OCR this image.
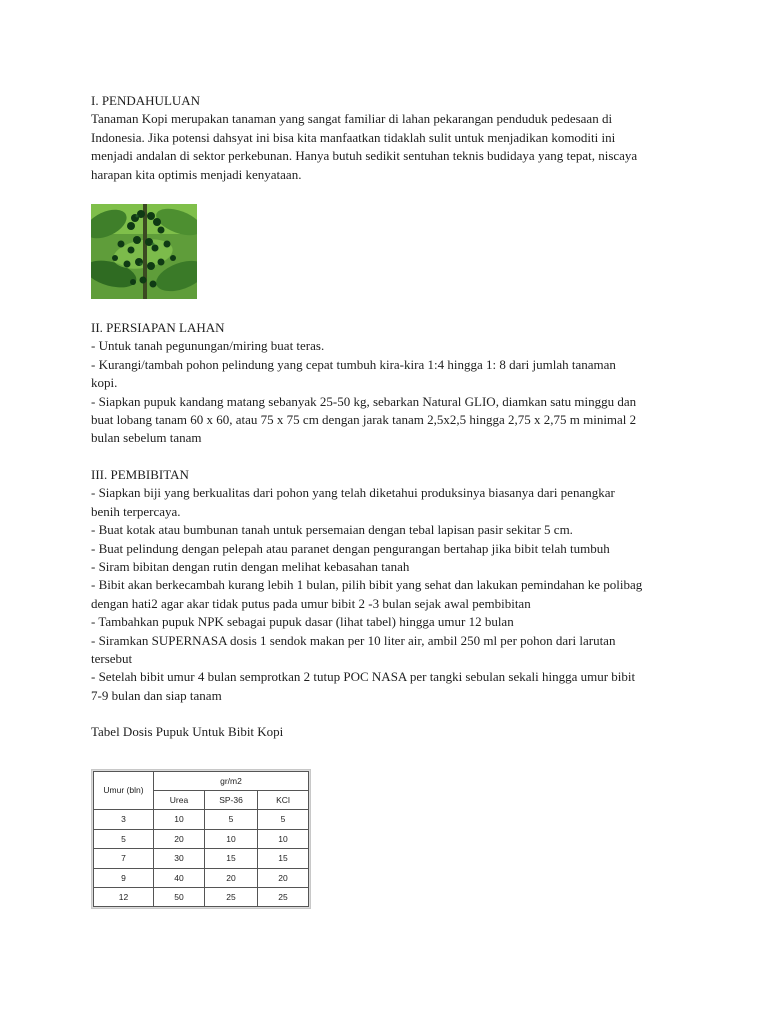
I. PENDAHULUAN

Tanaman Kopi merupakan tanaman yang sangat familiar di lahan pekarangan penduduk pedesaan di

Indonesia. Jika potensi dahsyat ini bisa kita manfaatkan tidaklah sulit untuk menjadikan komoditi ini

menjadi andalan di sektor perkebunan. Hanya butuh sedikit sentuhan teknis budidaya yang tepat, niscaya

harapan kita optimis menjadi kenyataan.

II. PERSIAPAN LAHAN

- Untuk tanah pegunungan/miring buat teras.

- Kurangi/tambah pohon pelindung yang cepat tumbuh kira-kira 1:4 hingga 1: 8 dari jumlah tanaman

kopi.

- Siapkan pupuk kandang matang sebanyak 25-50 kg, sebarkan Natural GLIO, diamkan satu minggu dan

buat lobang tanam 60 x 60, atau 75 x 75 cm dengan jarak tanam 2,5x2,5 hingga 2,75 x 2,75 m minimal 2

bulan sebelum tanam

III. PEMBIBITAN

- Siapkan biji yang berkualitas dari pohon yang telah diketahui produksinya biasanya dari penangkar

benih terpercaya.

- Buat kotak atau bumbunan tanah untuk persemaian dengan tebal lapisan pasir sekitar 5 cm.

- Buat pelindung dengan pelepah atau paranet dengan pengurangan bertahap jika bibit telah tumbuh

- Siram bibitan dengan rutin dengan melihat kebasahan tanah

- Bibit akan berkecambah kurang lebih 1 bulan, pilih bibit yang sehat dan lakukan pemindahan ke polibag

dengan hati2 agar akar tidak putus pada umur bibit 2 -3 bulan sejak awal pembibitan

- Tambahkan pupuk NPK sebagai pupuk dasar (lihat tabel) hingga umur 12 bulan

- Siramkan SUPERNASA dosis 1 sendok makan per 10 liter air, ambil 250 ml per pohon dari larutan

tersebut

- Setelah bibit umur 4 bulan semprotkan 2 tutup POC NASA per tangki sebulan sekali hingga umur bibit

7-9 bulan dan siap tanam

Tabel Dosis Pupuk Untuk Bibit Kopi

Umur (bln)	gr/m2		
	Urea	SP-36	KCl
3	10	5	5
5	20	10	10
7	30	15	15
9	40	20	20
12	50	25	25
